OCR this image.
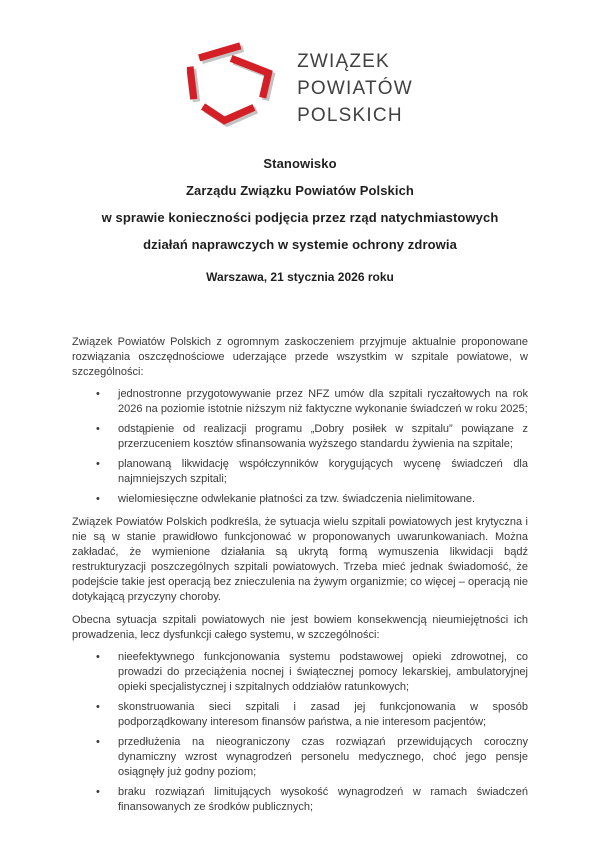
ZWIĄZEK
POWIATÓW
POLSKICH
Stanowisko
Zarządu Związku Powiatów Polskich
w sprawie konieczności podjęcia przez rząd natychmiastowych
działań naprawczych w systemie ochrony zdrowia
Warszawa, 21 stycznia 2026 roku

Związek Powiatów Polskich z ogromnym zaskoczeniem przyjmuje aktualnie proponowane rozwiązania oszczędnościowe uderzające przede wszystkim w szpitale powiatowe, w szczególności:

• jednostronne przygotowywanie przez NFZ umów dla szpitali ryczałtowych na rok 2026 na poziomie istotnie niższym niż faktyczne wykonanie świadczeń w roku 2025;
• odstąpienie od realizacji programu „Dobry posiłek w szpitalu” powiązane z przerzuceniem kosztów sfinansowania wyższego standardu żywienia na szpitale;
• planowaną likwidację współczynników korygujących wycenę świadczeń dla najmniejszych szpitali;
• wielomiesięczne odwlekanie płatności za tzw. świadczenia nielimitowane.

Związek Powiatów Polskich podkreśla, że sytuacja wielu szpitali powiatowych jest krytyczna i nie są w stanie prawidłowo funkcjonować w proponowanych uwarunkowaniach. Można zakładać, że wymienione działania są ukrytą formą wymuszenia likwidacji bądź restrukturyzacji poszczególnych szpitali powiatowych. Trzeba mieć jednak świadomość, że podejście takie jest operacją bez znieczulenia na żywym organizmie; co więcej – operacją nie dotykającą przyczyny choroby.

Obecna sytuacja szpitali powiatowych nie jest bowiem konsekwencją nieumiejętności ich prowadzenia, lecz dysfunkcji całego systemu, w szczególności:

• nieefektywnego funkcjonowania systemu podstawowej opieki zdrowotnej, co prowadzi do przeciążenia nocnej i świątecznej pomocy lekarskiej, ambulatoryjnej opieki specjalistycznej i szpitalnych oddziałów ratunkowych;
• skonstruowania sieci szpitali i zasad jej funkcjonowania w sposób podporządkowany interesom finansów państwa, a nie interesom pacjentów;
• przedłużenia na nieograniczony czas rozwiązań przewidujących coroczny dynamiczny wzrost wynagrodzeń personelu medycznego, choć jego pensje osiągnęły już godny poziom;
• braku rozwiązań limitujących wysokość wynagrodzeń w ramach świadczeń finansowanych ze środków publicznych;
